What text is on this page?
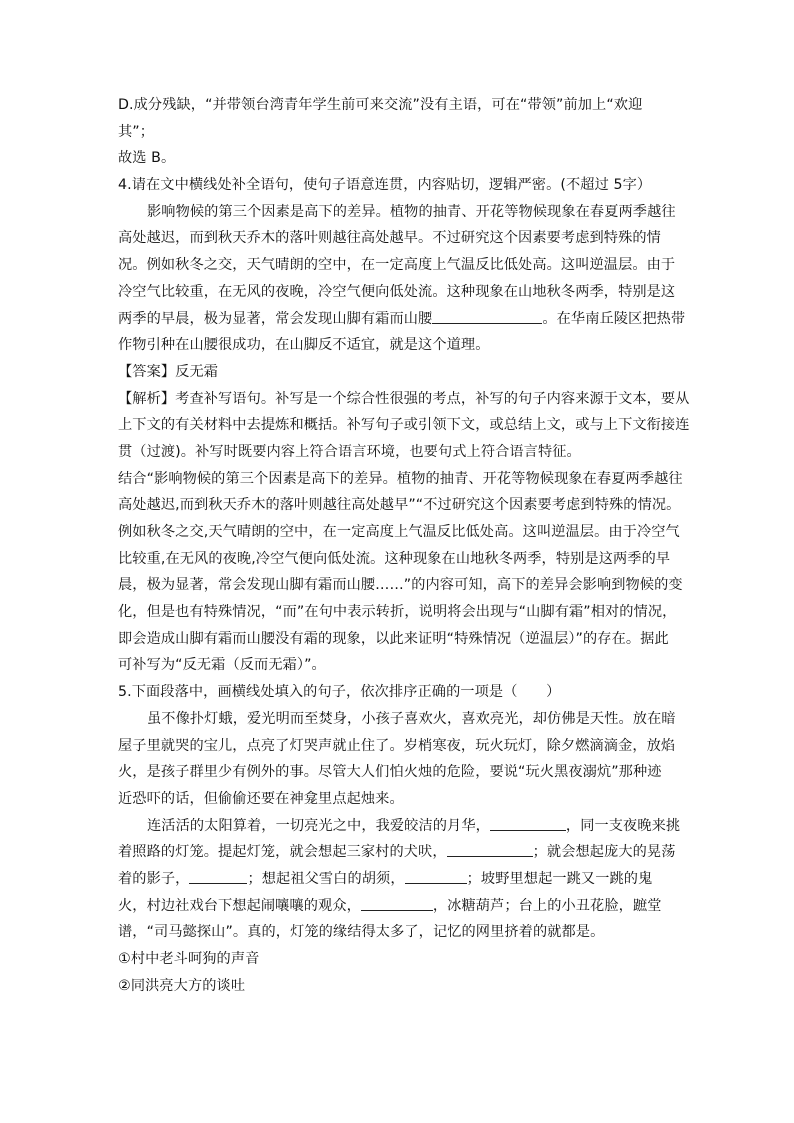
D.成分残缺，“并带领台湾青年学生前可来交流”没有主语，可在“带领”前加上“欢迎
其”；
故选 B。
4.请在文中横线处补全语句，使句子语意连贯，内容贴切，逻辑严密。(不超过 5字）
影响物候的第三个因素是高下的差异。植物的抽青、开花等物候现象在春夏两季越往
高处越迟，而到秋天乔木的落叶则越往高处越早。不过研究这个因素要考虑到特殊的情
况。例如秋冬之交，天气晴朗的空中，在一定高度上气温反比低处高。这叫逆温层。由于
冷空气比较重，在无风的夜晚，冷空气便向低处流。这种现象在山地秋冬两季，特别是这
两季的早晨，极为显著，常会发现山脚有霜而山腰	。在华南丘陵区把热带
作物引种在山腰很成功，在山脚反不适宜，就是这个道理。
【答案】反无霜
【解析】考查补写语句。补写是一个综合性很强的考点，补写的句子内容来源于文本，要从
上下文的有关材料中去提炼和概括。补写句子或引领下文，或总结上文，或与上下文衔接连
贯（过渡)。补写时既要内容上符合语言环境，也要句式上符合语言特征。
结合“影响物候的第三个因素是高下的差异。植物的抽青、开花等物候现象在春夏两季越往
高处越迟,而到秋天乔木的落叶则越往高处越早”“不过研究这个因素要考虑到特殊的情况。
例如秋冬之交,天气晴朗的空中，在一定高度上气温反比低处高。这叫逆温层。由于冷空气
比较重,在无风的夜晚,冷空气便向低处流。这种现象在山地秋冬两季，特别是这两季的早
晨，极为显著，常会发现山脚有霜而山腰……”的内容可知，高下的差异会影响到物候的变
化，但是也有特殊情况，“而”在句中表示转折，说明将会出现与“山脚有霜”相对的情况，
即会造成山脚有霜而山腰没有霜的现象，以此来证明“特殊情况（逆温层）”的存在。据此
可补写为“反无霜（反而无霜）”。
5.下面段落中，画横线处填入的句子，依次排序正确的一项是（　　）
虽不像扑灯蛾，爱光明而至焚身，小孩子喜欢火，喜欢亮光，却仿佛是天性。放在暗
屋子里就哭的宝儿，点亮了灯哭声就止住了。岁梢寒夜，玩火玩灯，除夕燃滴滴金，放焰
火，是孩子群里少有例外的事。尽管大人们怕火烛的危险，要说“玩火黑夜溺炕”那种迹
近恐吓的话，但偷偷还要在神龛里点起烛来。
连活活的太阳算着，一切亮光之中，我爱皎洁的月华，	，同一支夜晚来挑
着照路的灯笼。提起灯笼，就会想起三家村的犬吠，	；就会想起庞大的晃荡
着的影子，	；想起祖父雪白的胡须，	；坡野里想起一跳又一跳的鬼
火，村边社戏台下想起闹嚷嚷的观众，	，冰糖葫芦；台上的小丑花脸，蹠堂
谱，“司马懿探山”。真的，灯笼的缘结得太多了，记忆的网里挤着的就都是。
①村中老斗呵狗的声音
②同洪亮大方的谈吐
